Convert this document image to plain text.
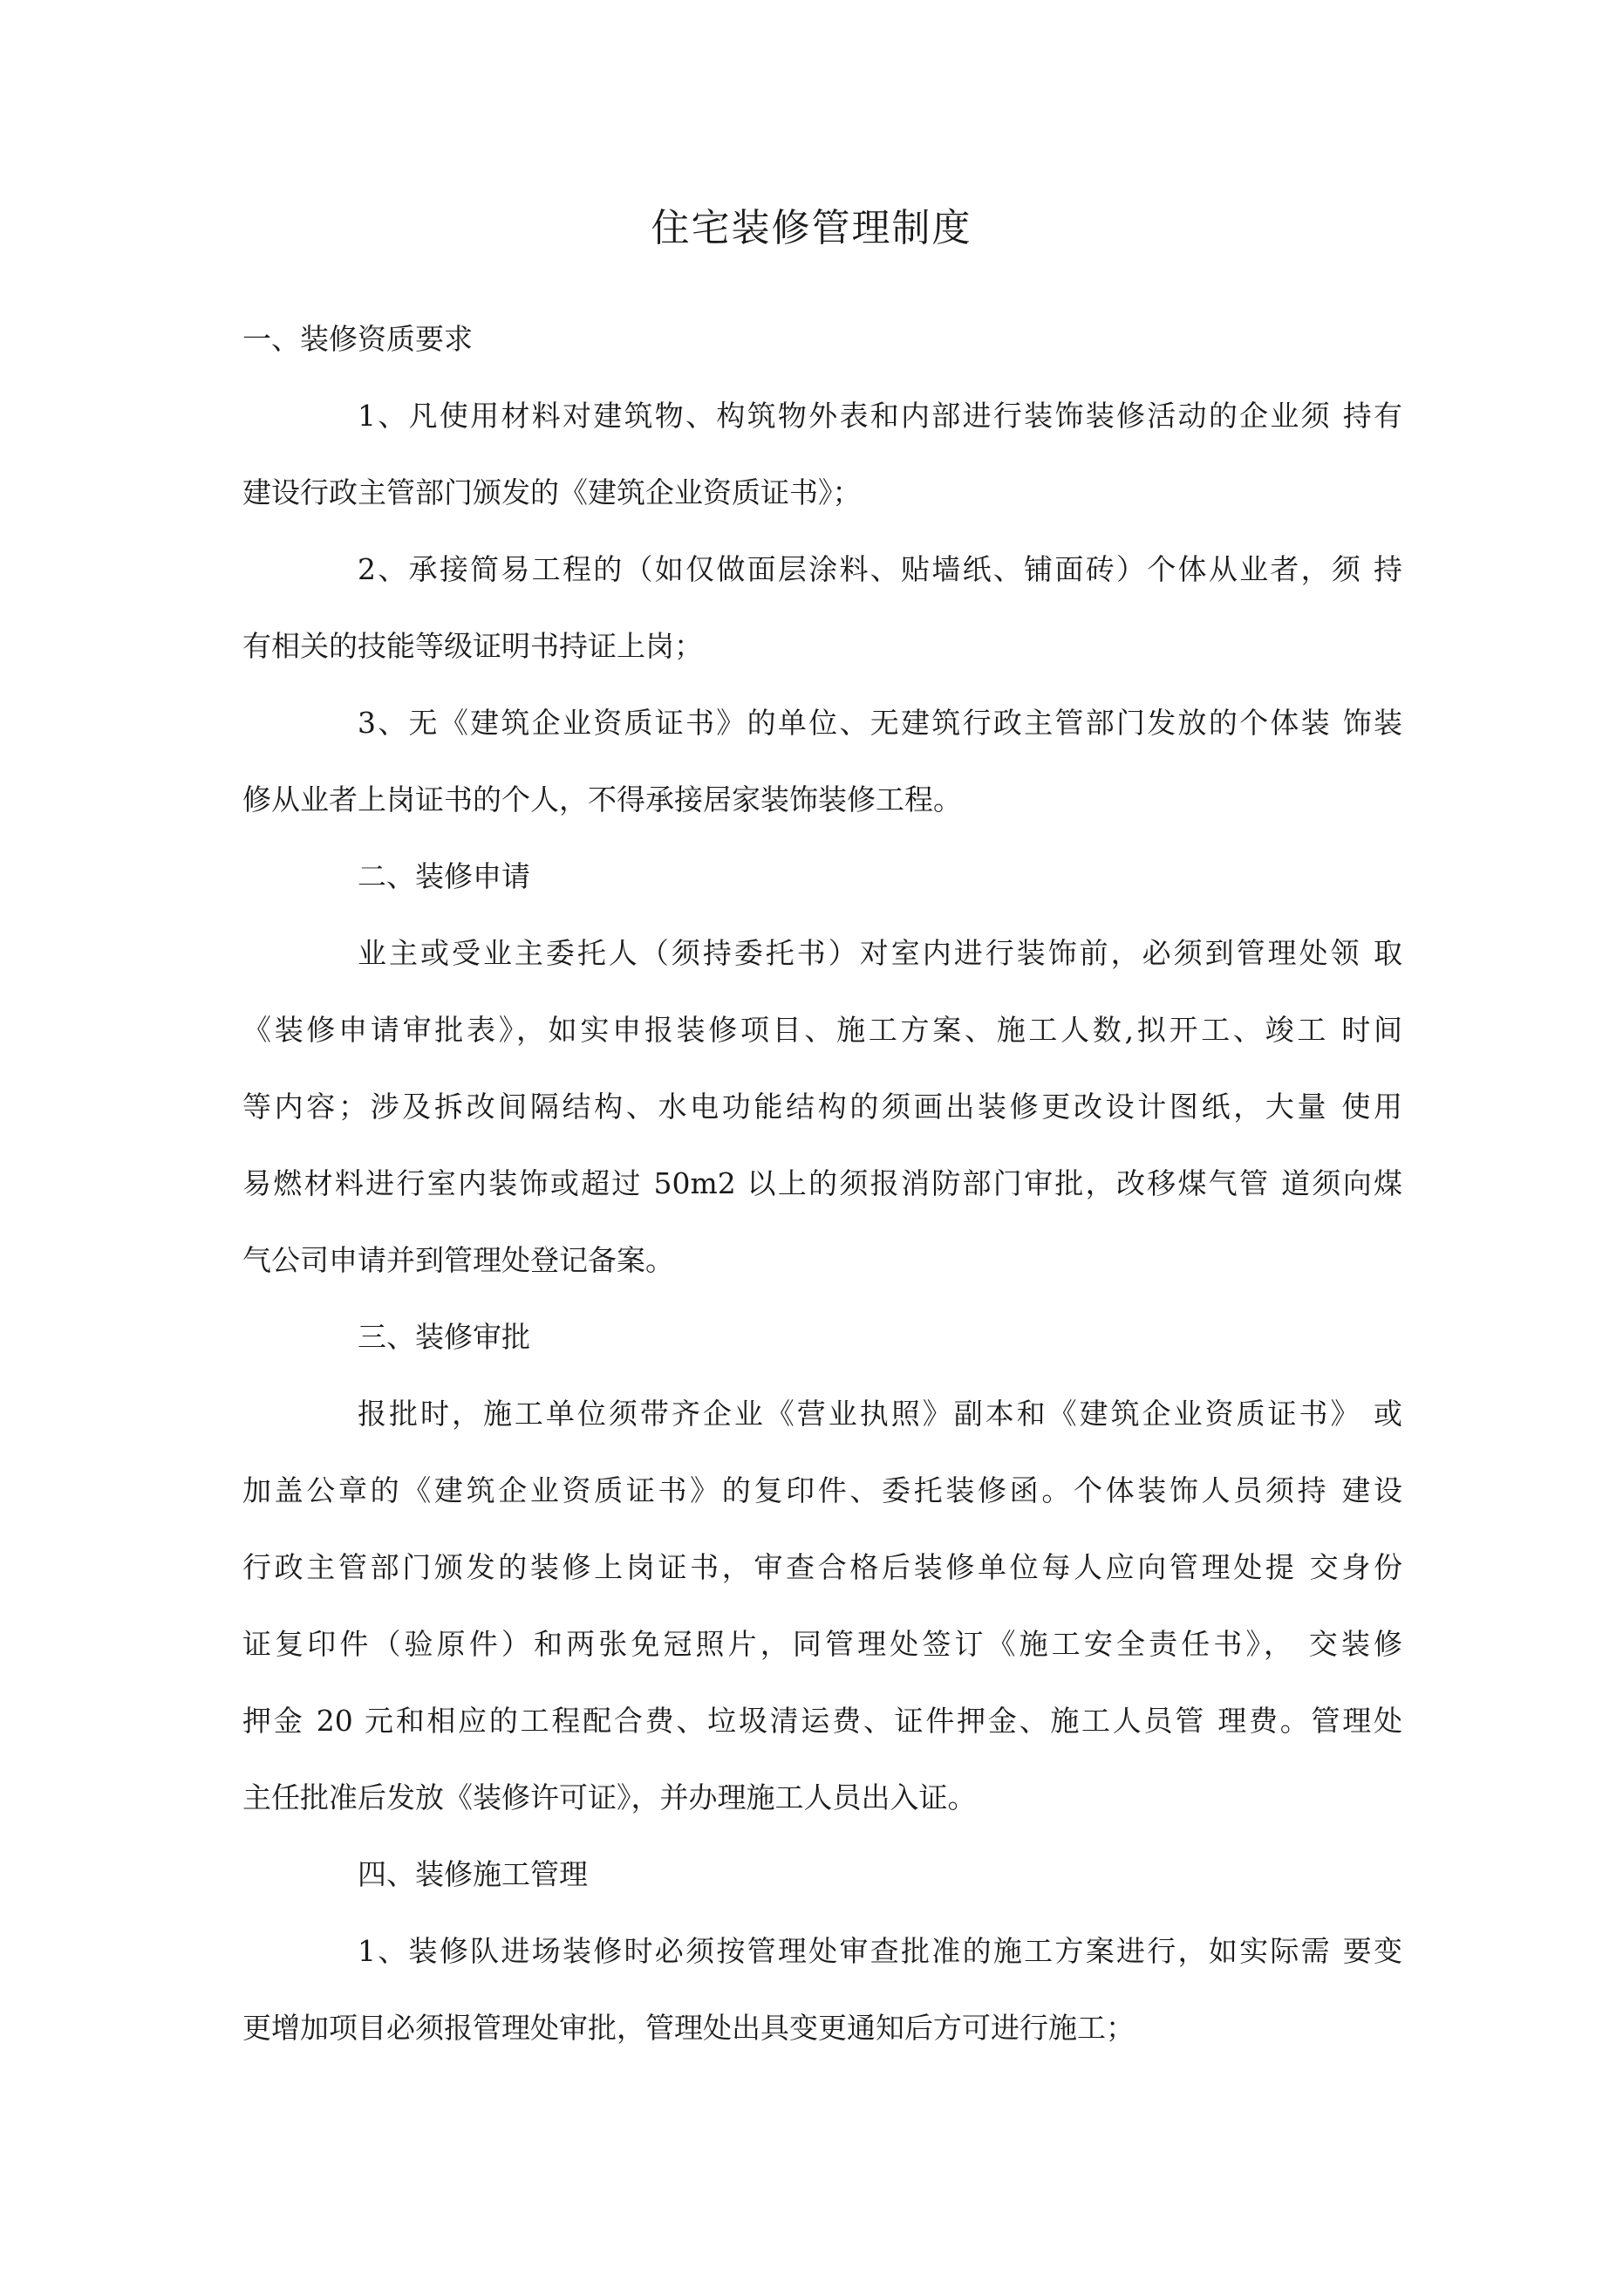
住宅装修管理制度

一、装修资质要求

1、凡使用材料对建筑物、构筑物外表和内部进行装饰装修活动的企业须 持有

建设行政主管部门颁发的《建筑企业资质证书》；

2、承接简易工程的（如仅做面层涂料、贴墙纸、铺面砖）个体从业者，须 持

有相关的技能等级证明书持证上岗；

3、无《建筑企业资质证书》的单位、无建筑行政主管部门发放的个体装 饰装

修从业者上岗证书的个人，不得承接居家装饰装修工程。

二、装修申请

业主或受业主委托人（须持委托书）对室内进行装饰前，必须到管理处领 取

《装修申请审批表》，如实申报装修项目、施工方案、施工人数,拟开工、竣工 时间

等内容；涉及拆改间隔结构、水电功能结构的须画出装修更改设计图纸，大量 使用

易燃材料进行室内装饰或超过 50m2 以上的须报消防部门审批，改移煤气管 道须向煤

气公司申请并到管理处登记备案。

三、装修审批

报批时，施工单位须带齐企业《营业执照》副本和《建筑企业资质证书》 或

加盖公章的《建筑企业资质证书》的复印件、委托装修函。个体装饰人员须持 建设

行政主管部门颁发的装修上岗证书，审查合格后装修单位每人应向管理处提 交身份

证复印件（验原件）和两张免冠照片，同管理处签订《施工安全责任书》， 交装修

押金 20 元和相应的工程配合费、垃圾清运费、证件押金、施工人员管 理费。管理处

主任批准后发放《装修许可证》，并办理施工人员出入证。

四、装修施工管理

1、装修队进场装修时必须按管理处审查批准的施工方案进行，如实际需 要变

更增加项目必须报管理处审批，管理处出具变更通知后方可进行施工；
